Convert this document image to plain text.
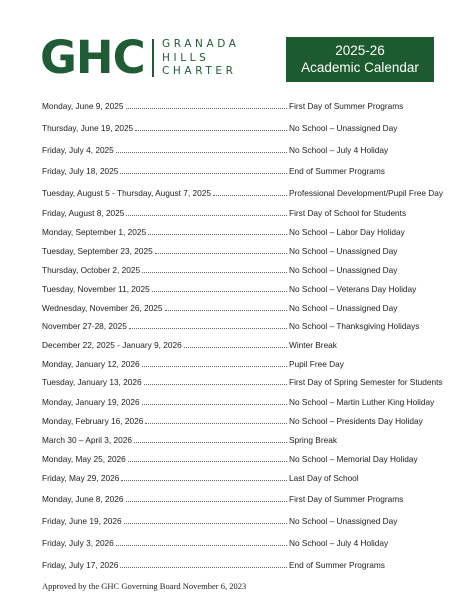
GHC GRANADA
HILLS
CHARTER
2025-26
Academic Calendar
Monday, June 9, 2025	First Day of Summer Programs
Thursday, June 19, 2025	No School – Unassigned Day
Friday, July 4, 2025	No School – July 4 Holiday
Friday, July 18, 2025	End of Summer Programs
Tuesday, August 5 - Thursday, August 7, 2025	Professional Development/Pupil Free Day
Friday, August 8, 2025	First Day of School for Students
Monday, September 1, 2025	No School – Labor Day Holiday
Tuesday, September 23, 2025	No School – Unassigned Day
Thursday, October 2, 2025	No School – Unassigned Day
Tuesday, November 11, 2025	No School – Veterans Day Holiday
Wednesday, November 26, 2025	No School – Unassigned Day
November 27-28, 2025	No School – Thanksgiving Holidays
December 22, 2025 - January 9, 2026	Winter Break
Monday, January 12, 2026	Pupil Free Day
Tuesday, January 13, 2026	First Day of Spring Semester for Students
Monday, January 19, 2026	No School – Martin Luther King Holiday
Monday, February 16, 2026	No School – Presidents Day Holiday
March 30 – April 3, 2026	Spring Break
Monday, May 25, 2026	No School – Memorial Day Holiday
Friday, May 29, 2026	Last Day of School
Monday, June 8, 2026	First Day of Summer Programs
Friday, June 19, 2026	No School – Unassigned Day
Friday, July 3, 2026	No School – July 4 Holiday
Friday, July 17, 2026	End of Summer Programs
Approved by the GHC Governing Board November 6, 2023
